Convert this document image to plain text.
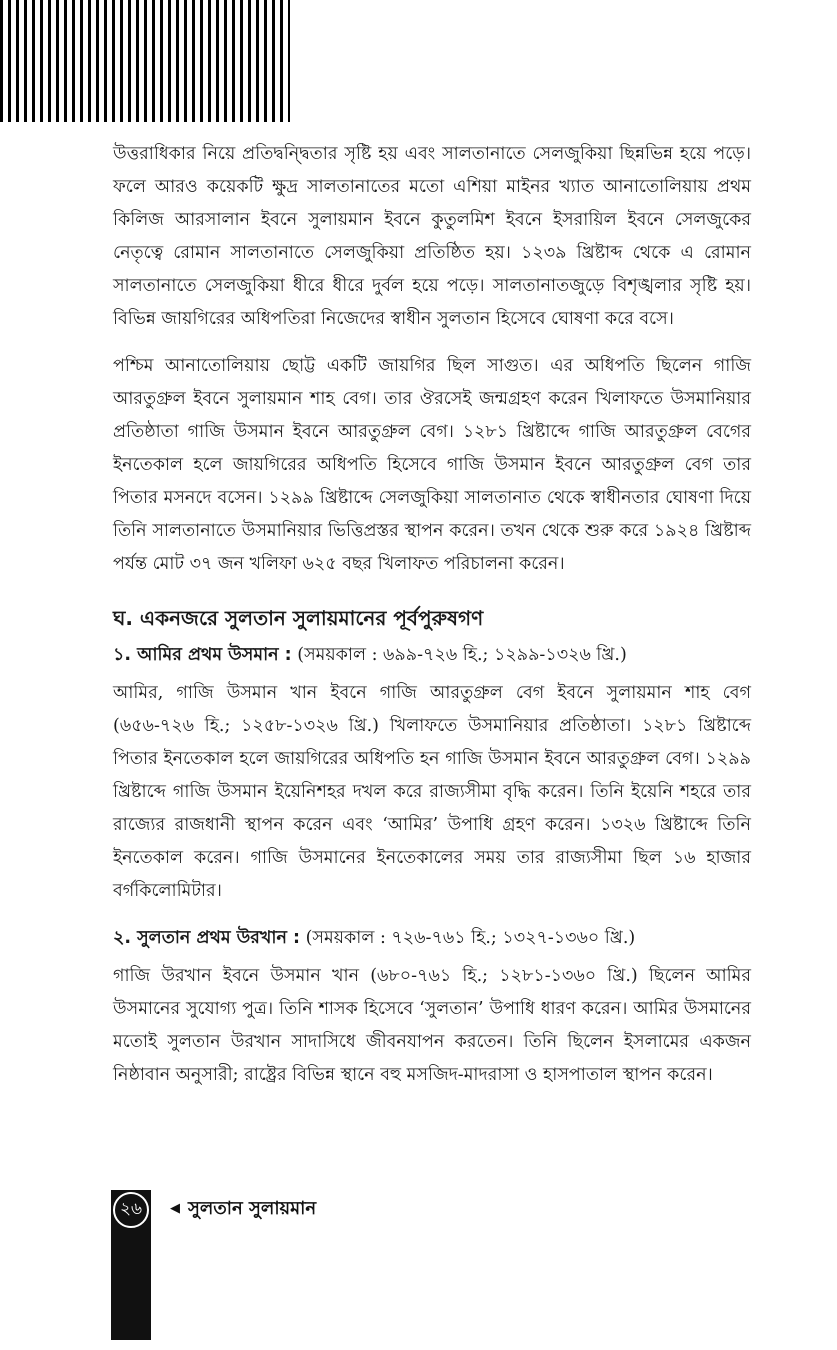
উত্তরাধিকার নিয়ে প্রতিদ্বন্দ্বিতার সৃষ্টি হয় এবং সালতানাতে সেলজুকিয়া ছিন্নভিন্ন হয়ে পড়ে। ফলে আরও কয়েকটি ক্ষুদ্র সালতানাতের মতো এশিয়া মাইনর খ্যাত আনাতোলিয়ায় প্রথম কিলিজ আরসালান ইবনে সুলায়মান ইবনে কুতুলমিশ ইবনে ইসরায়িল ইবনে সেলজুকের নেতৃত্বে রোমান সালতানাতে সেলজুকিয়া প্রতিষ্ঠিত হয়। ১২৩৯ খ্রিষ্টাব্দ থেকে এ রোমান সালতানাতে সেলজুকিয়া ধীরে ধীরে দুর্বল হয়ে পড়ে। সালতানাতজুড়ে বিশৃঙ্খলার সৃষ্টি হয়। বিভিন্ন জায়গিরের অধিপতিরা নিজেদের স্বাধীন সুলতান হিসেবে ঘোষণা করে বসে।

পশ্চিম আনাতোলিয়ায় ছোট্ট একটি জায়গির ছিল সাগুত। এর অধিপতি ছিলেন গাজি আরতুগ্রুল ইবনে সুলায়মান শাহ বেগ। তার ঔরসেই জন্মগ্রহণ করেন খিলাফতে উসমানিয়ার প্রতিষ্ঠাতা গাজি উসমান ইবনে আরতুগ্রুল বেগ। ১২৮১ খ্রিষ্টাব্দে গাজি আরতুগ্রুল বেগের ইনতেকাল হলে জায়গিরের অধিপতি হিসেবে গাজি উসমান ইবনে আরতুগ্রুল বেগ তার পিতার মসনদে বসেন। ১২৯৯ খ্রিষ্টাব্দে সেলজুকিয়া সালতানাত থেকে স্বাধীনতার ঘোষণা দিয়ে তিনি সালতানাতে উসমানিয়ার ভিত্তিপ্রস্তর স্থাপন করেন। তখন থেকে শুরু করে ১৯২৪ খ্রিষ্টাব্দ পর্যন্ত মোট ৩৭ জন খলিফা ৬২৫ বছর খিলাফত পরিচালনা করেন।

ঘ. একনজরে সুলতান সুলায়মানের পূর্বপুরুষগণ
১. আমির প্রথম উসমান : (সময়কাল : ৬৯৯-৭২৬ হি.; ১২৯৯-১৩২৬ খ্রি.)

আমির, গাজি উসমান খান ইবনে গাজি আরতুগ্রুল বেগ ইবনে সুলায়মান শাহ বেগ (৬৫৬-৭২৬ হি.; ১২৫৮-১৩২৬ খ্রি.) খিলাফতে উসমানিয়ার প্রতিষ্ঠাতা। ১২৮১ খ্রিষ্টাব্দে পিতার ইনতেকাল হলে জায়গিরের অধিপতি হন গাজি উসমান ইবনে আরতুগ্রুল বেগ। ১২৯৯ খ্রিষ্টাব্দে গাজি উসমান ইয়েনিশহর দখল করে রাজ্যসীমা বৃদ্ধি করেন। তিনি ইয়েনি শহরে তার রাজ্যের রাজধানী স্থাপন করেন এবং ‘আমির’ উপাধি গ্রহণ করেন। ১৩২৬ খ্রিষ্টাব্দে তিনি ইনতেকাল করেন। গাজি উসমানের ইনতেকালের সময় তার রাজ্যসীমা ছিল ১৬ হাজার বর্গকিলোমিটার।

২. সুলতান প্রথম উরখান : (সময়কাল : ৭২৬-৭৬১ হি.; ১৩২৭-১৩৬০ খ্রি.)

গাজি উরখান ইবনে উসমান খান (৬৮০-৭৬১ হি.; ১২৮১-১৩৬০ খ্রি.) ছিলেন আমির উসমানের সুযোগ্য পুত্র। তিনি শাসক হিসেবে ‘সুলতান’ উপাধি ধারণ করেন। আমির উসমানের মতোই সুলতান উরখান সাদাসিধে জীবনযাপন করতেন। তিনি ছিলেন ইসলামের একজন নিষ্ঠাবান অনুসারী; রাষ্ট্রের বিভিন্ন স্থানে বহু মসজিদ-মাদরাসা ও হাসপাতাল স্থাপন করেন।

২৬	◀ সুলতান সুলায়মান
